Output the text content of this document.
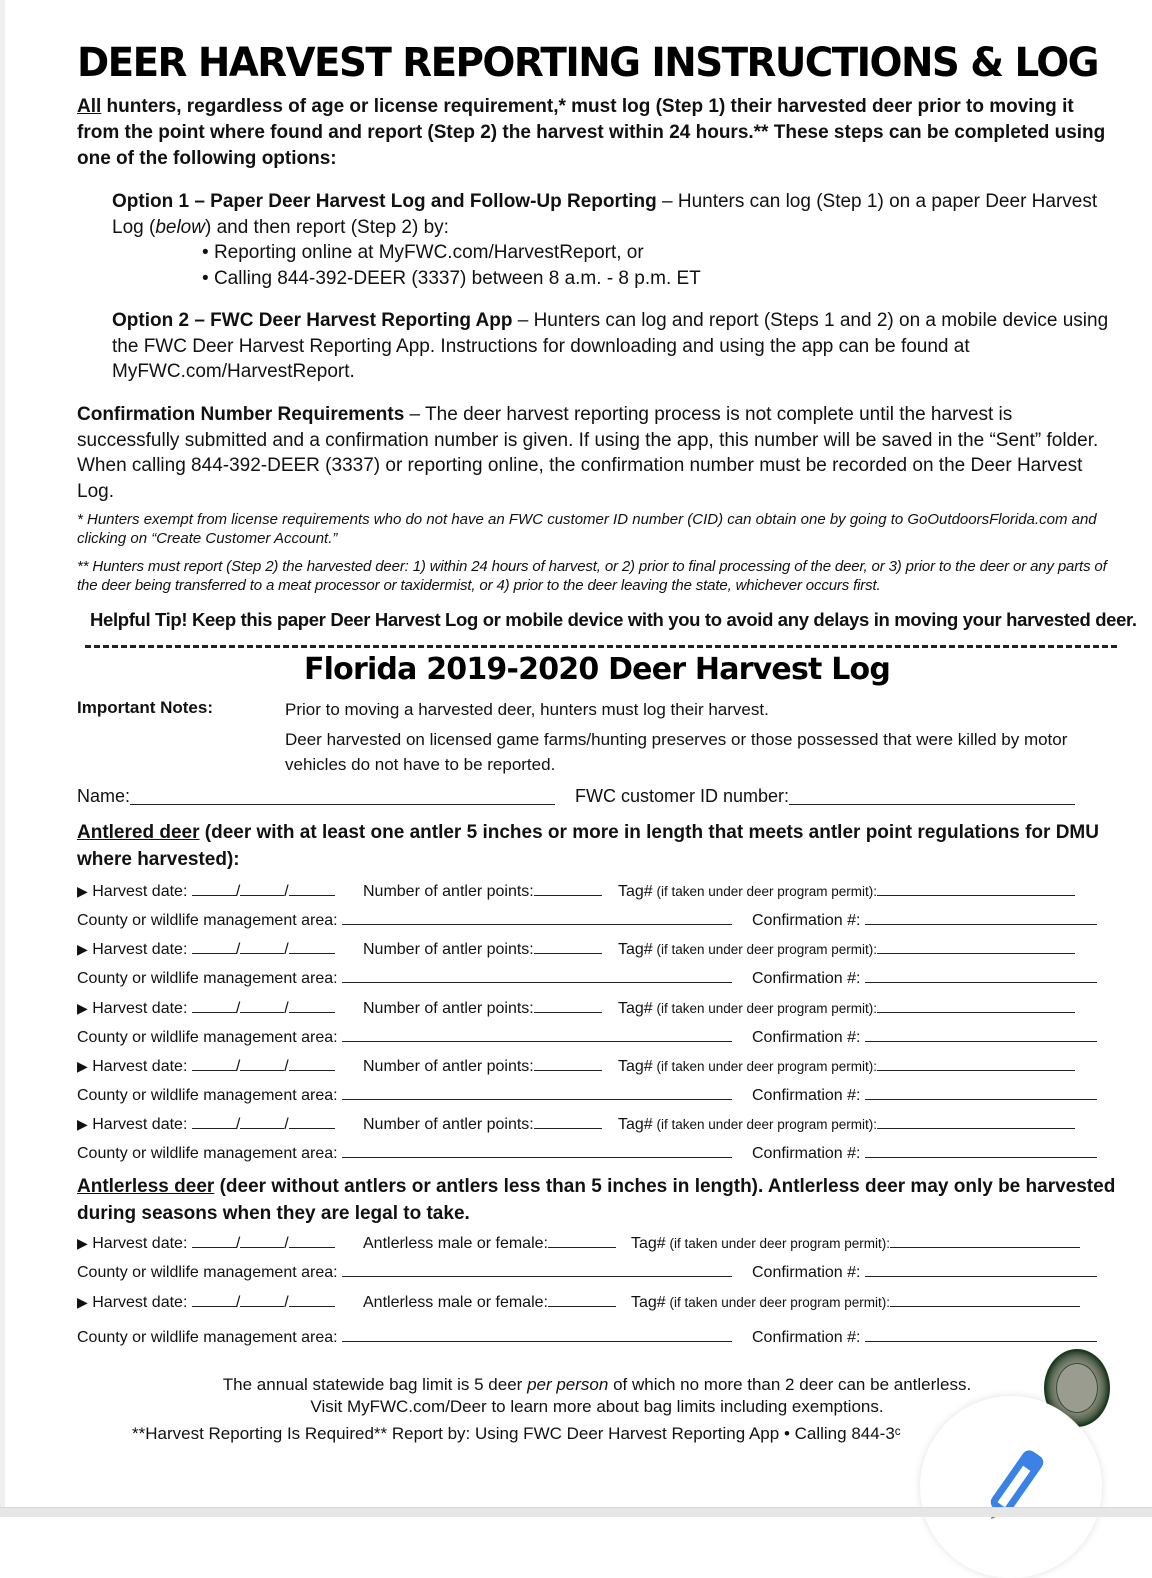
DEER HARVEST REPORTING INSTRUCTIONS & LOG
All hunters, regardless of age or license requirement,* must log (Step 1) their harvested deer prior to moving it from the point where found and report (Step 2) the harvest within 24 hours.** These steps can be completed using one of the following options:
Option 1 – Paper Deer Harvest Log and Follow-Up Reporting – Hunters can log (Step 1) on a paper Deer Harvest Log (below) and then report (Step 2) by:
• Reporting online at MyFWC.com/HarvestReport, or
• Calling 844-392-DEER (3337) between 8 a.m. - 8 p.m. ET
Option 2 – FWC Deer Harvest Reporting App – Hunters can log and report (Steps 1 and 2) on a mobile device using the FWC Deer Harvest Reporting App. Instructions for downloading and using the app can be found at MyFWC.com/HarvestReport.
Confirmation Number Requirements – The deer harvest reporting process is not complete until the harvest is successfully submitted and a confirmation number is given. If using the app, this number will be saved in the “Sent” folder. When calling 844-392-DEER (3337) or reporting online, the confirmation number must be recorded on the Deer Harvest Log.
* Hunters exempt from license requirements who do not have an FWC customer ID number (CID) can obtain one by going to GoOutdoorsFlorida.com and clicking on “Create Customer Account.”
** Hunters must report (Step 2) the harvested deer: 1) within 24 hours of harvest, or 2) prior to final processing of the deer, or 3) prior to the deer or any parts of the deer being transferred to a meat processor or taxidermist, or 4) prior to the deer leaving the state, whichever occurs first.
Helpful Tip! Keep this paper Deer Harvest Log or mobile device with you to avoid any delays in moving your harvested deer.
Florida 2019-2020 Deer Harvest Log
Important Notes:	Prior to moving a harvested deer, hunters must log their harvest.

Deer harvested on licensed game farms/hunting preserves or those possessed that were killed by motor vehicles do not have to be reported.

Name:	FWC customer ID number:
Antlered deer (deer with at least one antler 5 inches or more in length that meets antler point regulations for DMU where harvested):
▶ Harvest date:	/	/	Number of antler points:	Tag# (if taken under deer program permit):
County or wildlife management area:	Confirmation #:
▶ Harvest date:	/	/	Number of antler points:	Tag# (if taken under deer program permit):
County or wildlife management area:	Confirmation #:
▶ Harvest date:	/	/	Number of antler points:	Tag# (if taken under deer program permit):
County or wildlife management area:	Confirmation #:
▶ Harvest date:	/	/	Number of antler points:	Tag# (if taken under deer program permit):
County or wildlife management area:	Confirmation #:
▶ Harvest date:	/	/	Number of antler points:	Tag# (if taken under deer program permit):
County or wildlife management area:	Confirmation #:
Antlerless deer (deer without antlers or antlers less than 5 inches in length). Antlerless deer may only be harvested during seasons when they are legal to take.
▶ Harvest date:	/	/	Antlerless male or female:	Tag# (if taken under deer program permit):
County or wildlife management area:	Confirmation #:
▶ Harvest date:	/	/	Antlerless male or female:	Tag# (if taken under deer program permit):
County or wildlife management area:	Confirmation #:
The annual statewide bag limit is 5 deer per person of which no more than 2 deer can be antlerless.
Visit MyFWC.com/Deer to learn more about bag limits including exemptions.
**Harvest Reporting Is Required** Report by: Using FWC Deer Harvest Reporting App • Calling 844-3ᶜ
